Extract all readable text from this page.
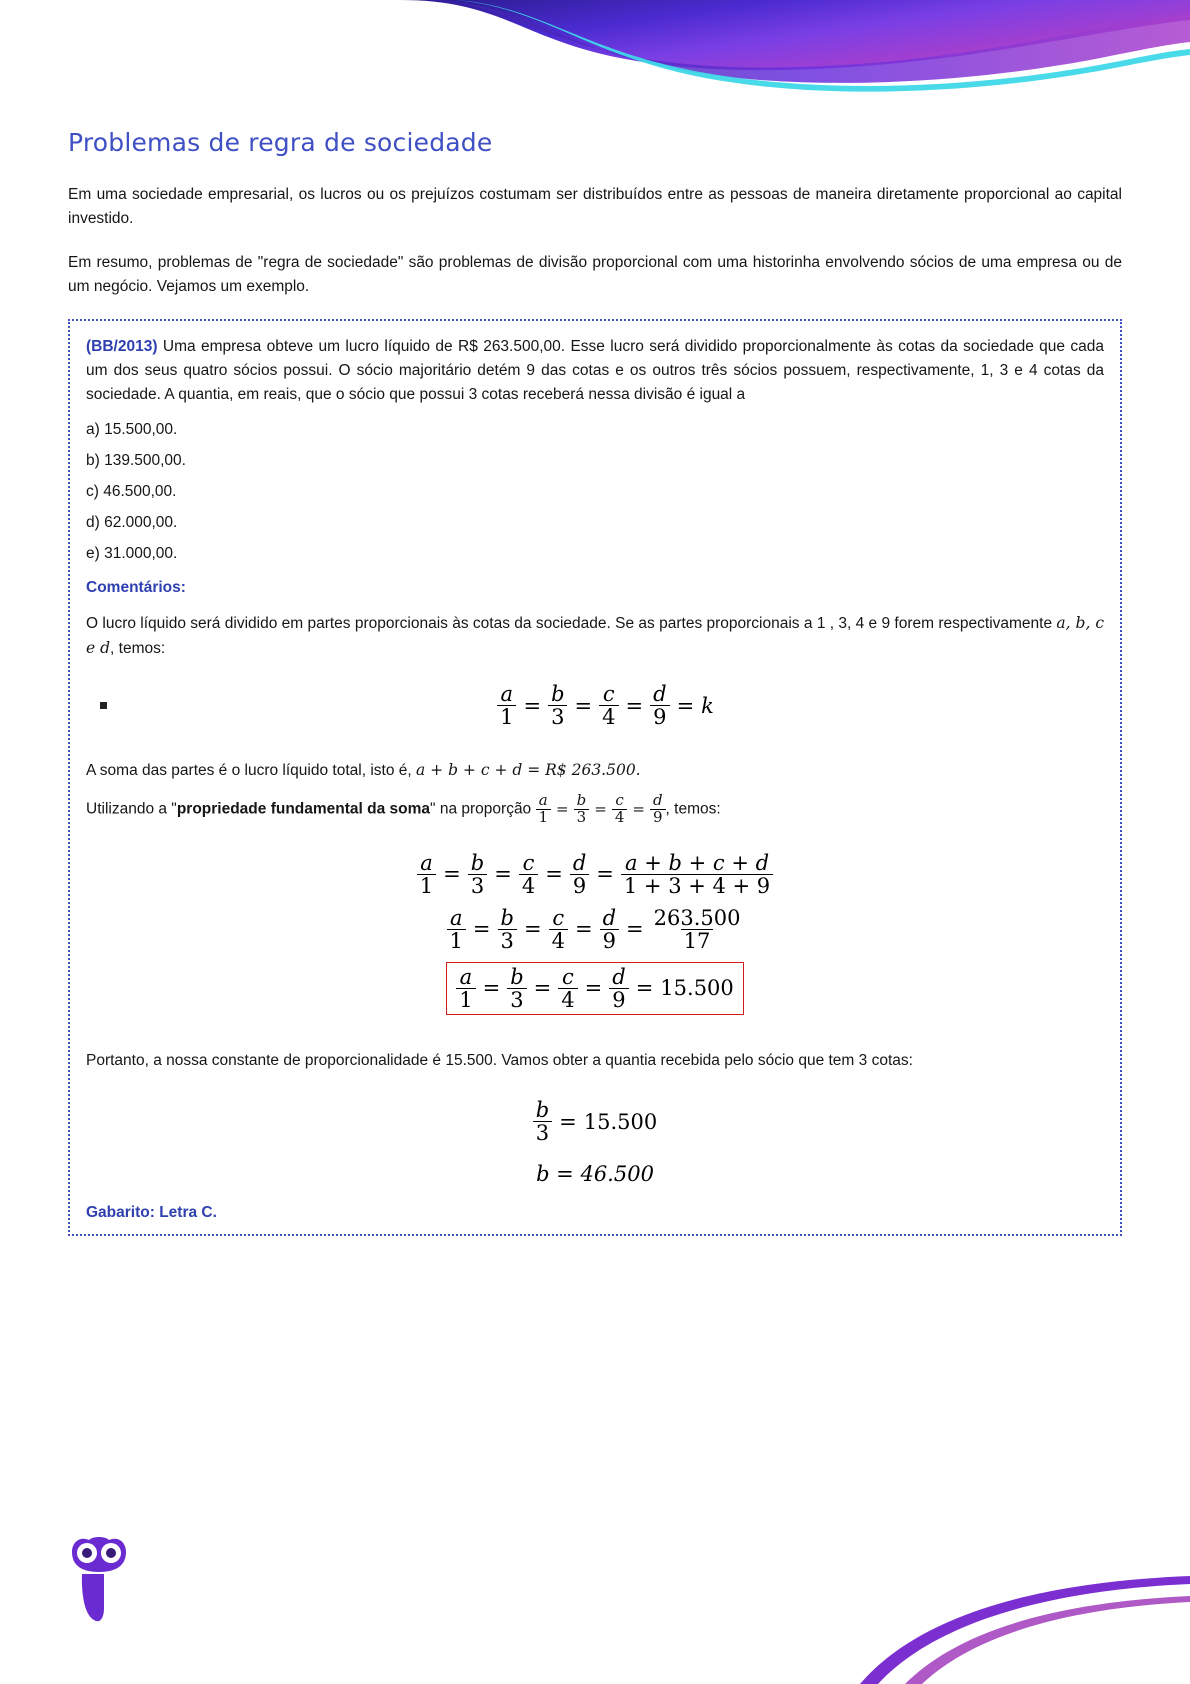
Problemas de regra de sociedade

Em uma sociedade empresarial, os lucros ou os prejuízos costumam ser distribuídos entre as pessoas de maneira diretamente proporcional ao capital investido.

Em resumo, problemas de "regra de sociedade" são problemas de divisão proporcional com uma historinha envolvendo sócios de uma empresa ou de um negócio. Vejamos um exemplo.

(BB/2013) Uma empresa obteve um lucro líquido de R$ 263.500,00. Esse lucro será dividido proporcionalmente às cotas da sociedade que cada um dos seus quatro sócios possui. O sócio majoritário detém 9 das cotas e os outros três sócios possuem, respectivamente, 1, 3 e 4 cotas da sociedade. A quantia, em reais, que o sócio que possui 3 cotas receberá nessa divisão é igual a

a) 15.500,00.

b) 139.500,00.

c) 46.500,00.

d) 62.000,00.

e) 31.000,00.

Comentários:

O lucro líquido será dividido em partes proporcionais às cotas da sociedade. Se as partes proporcionais a 1 , 3, 4 e 9 forem respectivamente a, b, c e d, temos:

$\frac{a}{1} = \frac{b}{3} = \frac{c}{4} = \frac{d}{9} = k$

A soma das partes é o lucro líquido total, isto é, a + b + c + d = R$ 263.500.

Utilizando a "propriedade fundamental da soma" na proporção $\frac{a}{1} = \frac{b}{3} = \frac{c}{4} = \frac{d}{9}$ , temos:

$\frac{a}{1} = \frac{b}{3} = \frac{c}{4} = \frac{d}{9} = \frac{a + b + c + d}{1 + 3 + 4 + 9}$
$\frac{a}{1} = \frac{b}{3} = \frac{c}{4} = \frac{d}{9} = \frac{263.500}{17}$
$\frac{a}{1} = \frac{b}{3} = \frac{c}{4} = \frac{d}{9} = 15.500$

Portanto, a nossa constante de proporcionalidade é 15.500. Vamos obter a quantia recebida pelo sócio que tem 3 cotas:

$\frac{b}{3} = 15.500$
b = 46.500

Gabarito: Letra C.
